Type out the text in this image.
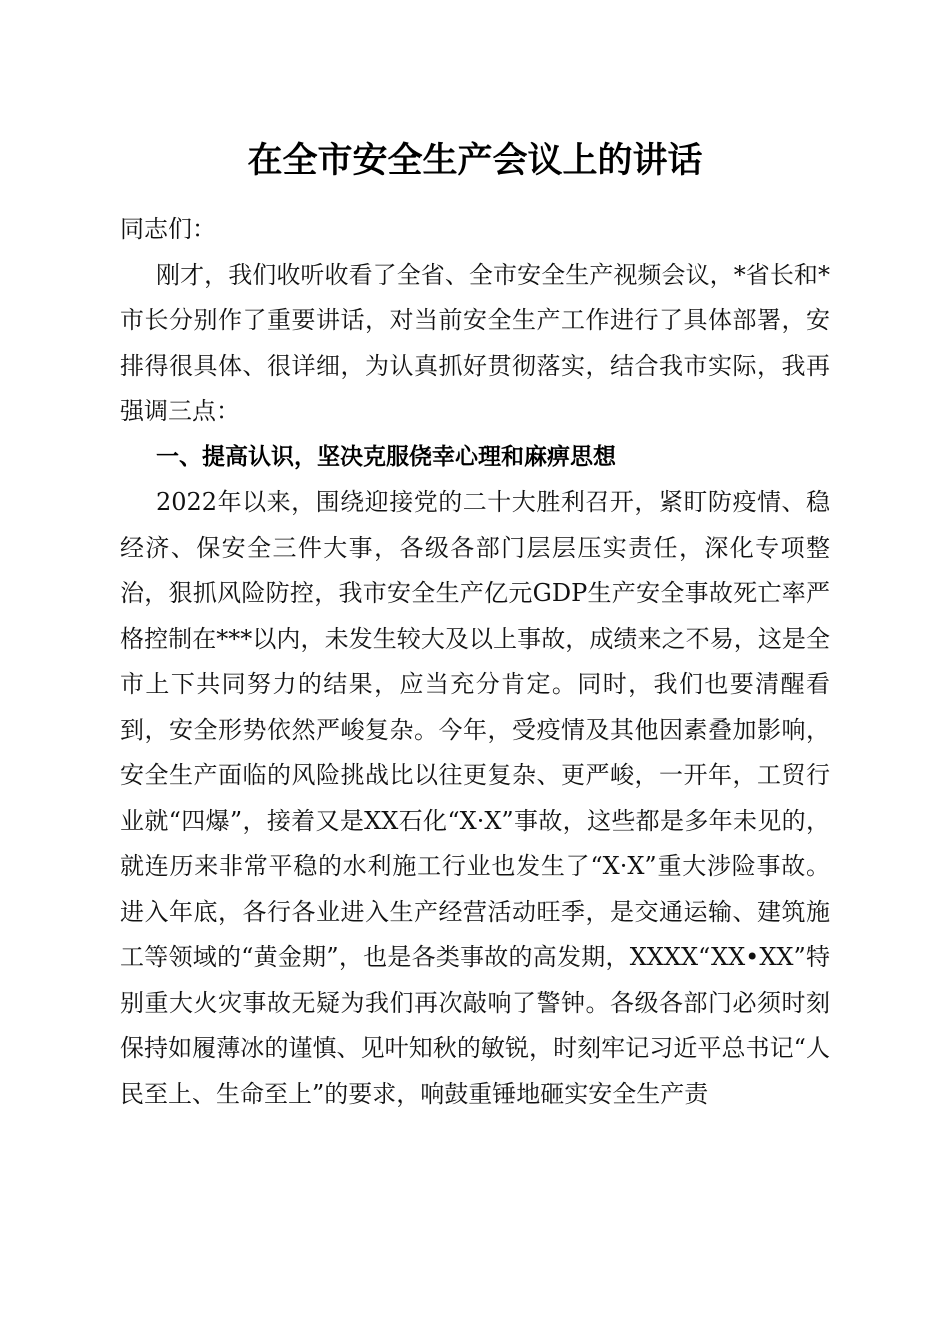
在全市安全生产会议上的讲话

同志们：

刚才，我们收听收看了全省、全市安全生产视频会议，*省长和*市长分别作了重要讲话，对当前安全生产工作进行了具体部署，安排得很具体、很详细，为认真抓好贯彻落实，结合我市实际，我再强调三点：

一、提高认识，坚决克服侥幸心理和麻痹思想

2022年以来，围绕迎接党的二十大胜利召开，紧盯防疫情、稳经济、保安全三件大事，各级各部门层层压实责任，深化专项整治，狠抓风险防控，我市安全生产亿元GDP生产安全事故死亡率严格控制在***以内，未发生较大及以上事故，成绩来之不易，这是全市上下共同努力的结果，应当充分肯定。同时，我们也要清醒看到，安全形势依然严峻复杂。今年，受疫情及其他因素叠加影响，安全生产面临的风险挑战比以往更复杂、更严峻，一开年，工贸行业就“四爆”，接着又是XX石化“X·X”事故，这些都是多年未见的，就连历来非常平稳的水利施工行业也发生了“X·X”重大涉险事故。进入年底，各行各业进入生产经营活动旺季，是交通运输、建筑施工等领域的“黄金期”，也是各类事故的高发期，XXXX“XX•XX”特别重大火灾事故无疑为我们再次敲响了警钟。各级各部门必须时刻保持如履薄冰的谨慎、见叶知秋的敏锐，时刻牢记习近平总书记“人民至上、生命至上”的要求，响鼓重锤地砸实安全生产责
